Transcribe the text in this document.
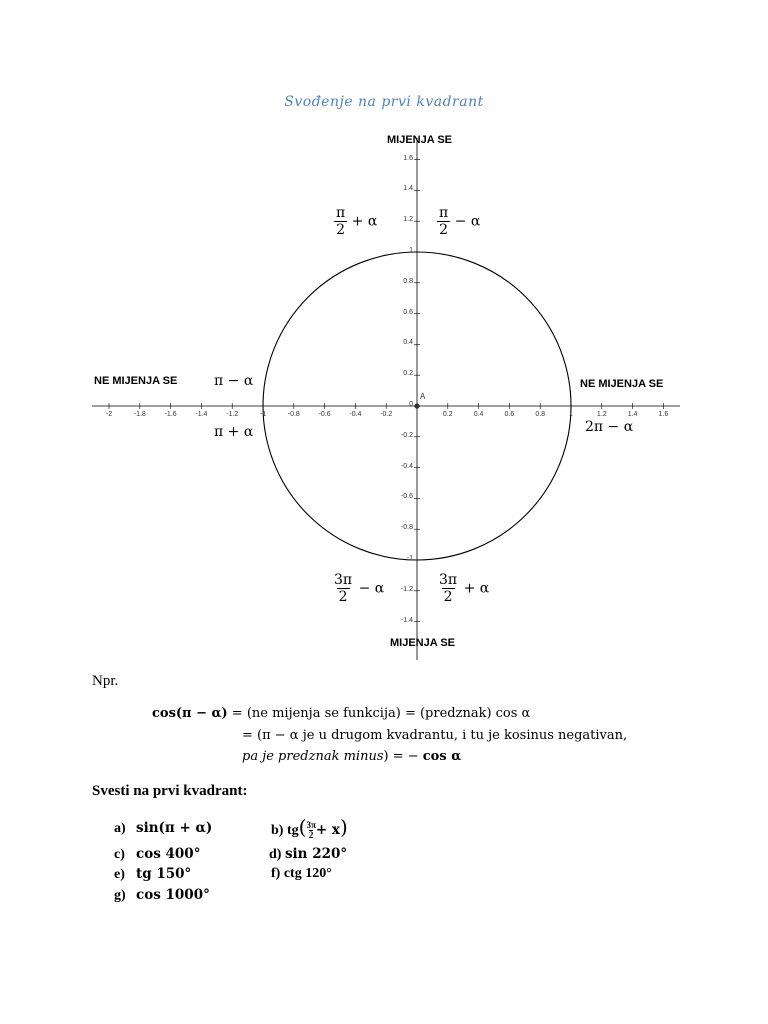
Svođenje na prvi kvadrant
-2	-1.8	-1.6	-1.4	-1.2	-1	-0.8	-0.6	-0.4	-0.2	0.2	0.4	0.6	0.8	1	1.2	1.4	1.6
1.6
1.4
1.2
1
0.8
0.6
0.4
0.2
0
-0.2
-0.4
-0.6
-0.8
-1
-1.2
-1.4
A
MIJENJA SE
MIJENJA SE
NE MIJENJA SE	NE MIJENJA SE
$\frac{\pi}{2} + \alpha$	$\frac{\pi}{2} - \alpha$
π − α
π + α	2π − α
$\frac{3\pi}{2} - \alpha$	$\frac{3\pi}{2} + \alpha$
Npr.
cos(π − α) = (ne mijenja se funkcija) = (predznak) cos α
= (π − α je u drugom kvadrantu, i tu je kosinus negativan,
pa je predznak minus) = − cos α
Svesti na prvi kvadrant:
a) sin(π + α)	b) $tg( \frac{3\pi}{2} + x)$
c) cos 400°	d) sin 220°
e) tg 150°	f) ctg 120°
g) cos 1000°
